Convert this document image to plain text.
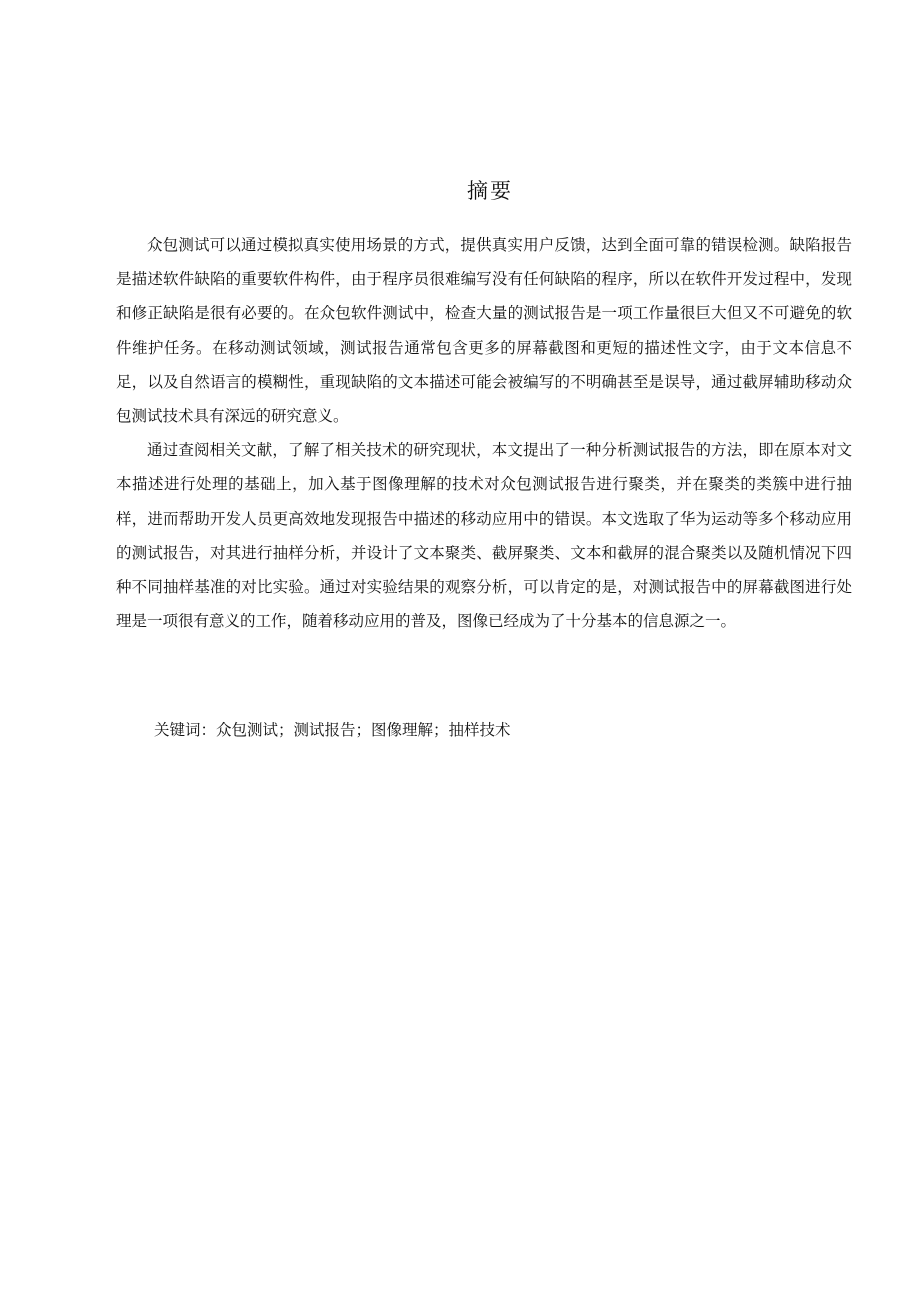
摘要

众包测试可以通过模拟真实使用场景的方式，提供真实用户反馈，达到全面可靠的错误检测。缺陷报告是描述软件缺陷的重要软件构件，由于程序员很难编写没有任何缺陷的程序，所以在软件开发过程中，发现和修正缺陷是很有必要的。在众包软件测试中，检查大量的测试报告是一项工作量很巨大但又不可避免的软件维护任务。在移动测试领域，测试报告通常包含更多的屏幕截图和更短的描述性文字，由于文本信息不足，以及自然语言的模糊性，重现缺陷的文本描述可能会被编写的不明确甚至是误导，通过截屏辅助移动众包测试技术具有深远的研究意义。

通过查阅相关文献，了解了相关技术的研究现状，本文提出了一种分析测试报告的方法，即在原本对文本描述进行处理的基础上，加入基于图像理解的技术对众包测试报告进行聚类，并在聚类的类簇中进行抽样，进而帮助开发人员更高效地发现报告中描述的移动应用中的错误。本文选取了华为运动等多个移动应用的测试报告，对其进行抽样分析，并设计了文本聚类、截屏聚类、文本和截屏的混合聚类以及随机情况下四种不同抽样基准的对比实验。通过对实验结果的观察分析，可以肯定的是，对测试报告中的屏幕截图进行处理是一项很有意义的工作，随着移动应用的普及，图像已经成为了十分基本的信息源之一。

关键词：众包测试；测试报告；图像理解；抽样技术
